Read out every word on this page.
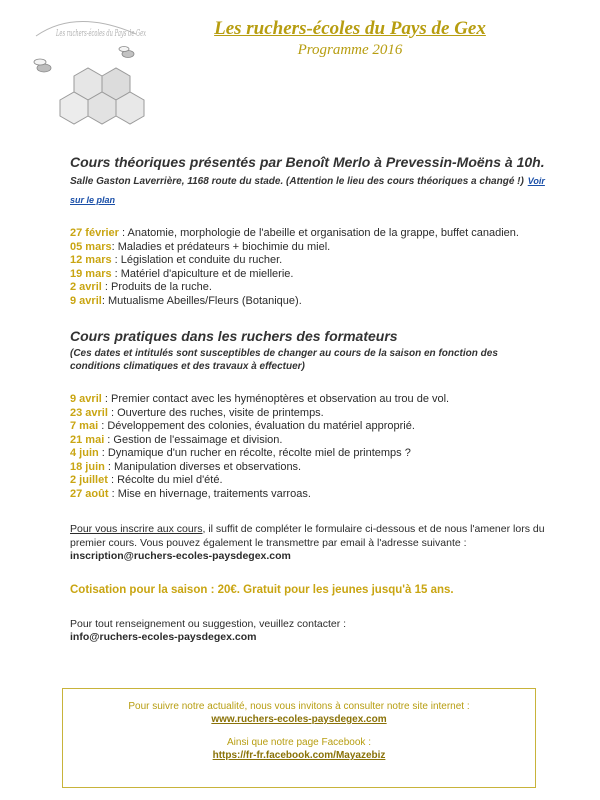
Les ruchers-écoles du Pays de Gex Les ruchers-écoles du Pays de Gex
Programme 2016
Cours théoriques présentés par Benoît Merlo à Prevessin-Moëns à 10h. Salle Gaston Laverrière, 1168 route du stade. (Attention le lieu des cours théoriques a changé !) Voir sur le plan
27 février : Anatomie, morphologie de l'abeille et organisation de la grappe, buffet canadien.
05 mars: Maladies et prédateurs + biochimie du miel.
12 mars : Législation et conduite du rucher.
19 mars : Matériel d'apiculture et de miellerie.
2 avril : Produits de la ruche.
9 avril: Mutualisme Abeilles/Fleurs (Botanique).
Cours pratiques dans les ruchers des formateurs
(Ces dates et intitulés sont susceptibles de changer au cours de la saison en fonction des conditions climatiques et des travaux à effectuer)
9 avril : Premier contact avec les hyménoptères et observation au trou de vol.
23 avril : Ouverture des ruches, visite de printemps.
7 mai : Développement des colonies, évaluation du matériel approprié.
21 mai : Gestion de l'essaimage et division.
4 juin : Dynamique d'un rucher en récolte, récolte miel de printemps ?
18 juin : Manipulation diverses et observations.
2 juillet : Récolte du miel d'été.
27 août : Mise en hivernage, traitements varroas.
Pour vous inscrire aux cours, il suffit de compléter le formulaire ci-dessous et de nous l'amener lors du premier cours. Vous pouvez également le transmettre par email à l'adresse suivante : inscription@ruchers-ecoles-paysdegex.com
Cotisation pour la saison : 20€. Gratuit pour les jeunes jusqu'à 15 ans.
Pour tout renseignement ou suggestion, veuillez contacter :
info@ruchers-ecoles-paysdegex.com
Pour suivre notre actualité, nous vous invitons à consulter notre site internet :
www.ruchers-ecoles-paysdegex.com
Ainsi que notre page Facebook :
https://fr-fr.facebook.com/Mayazebiz
